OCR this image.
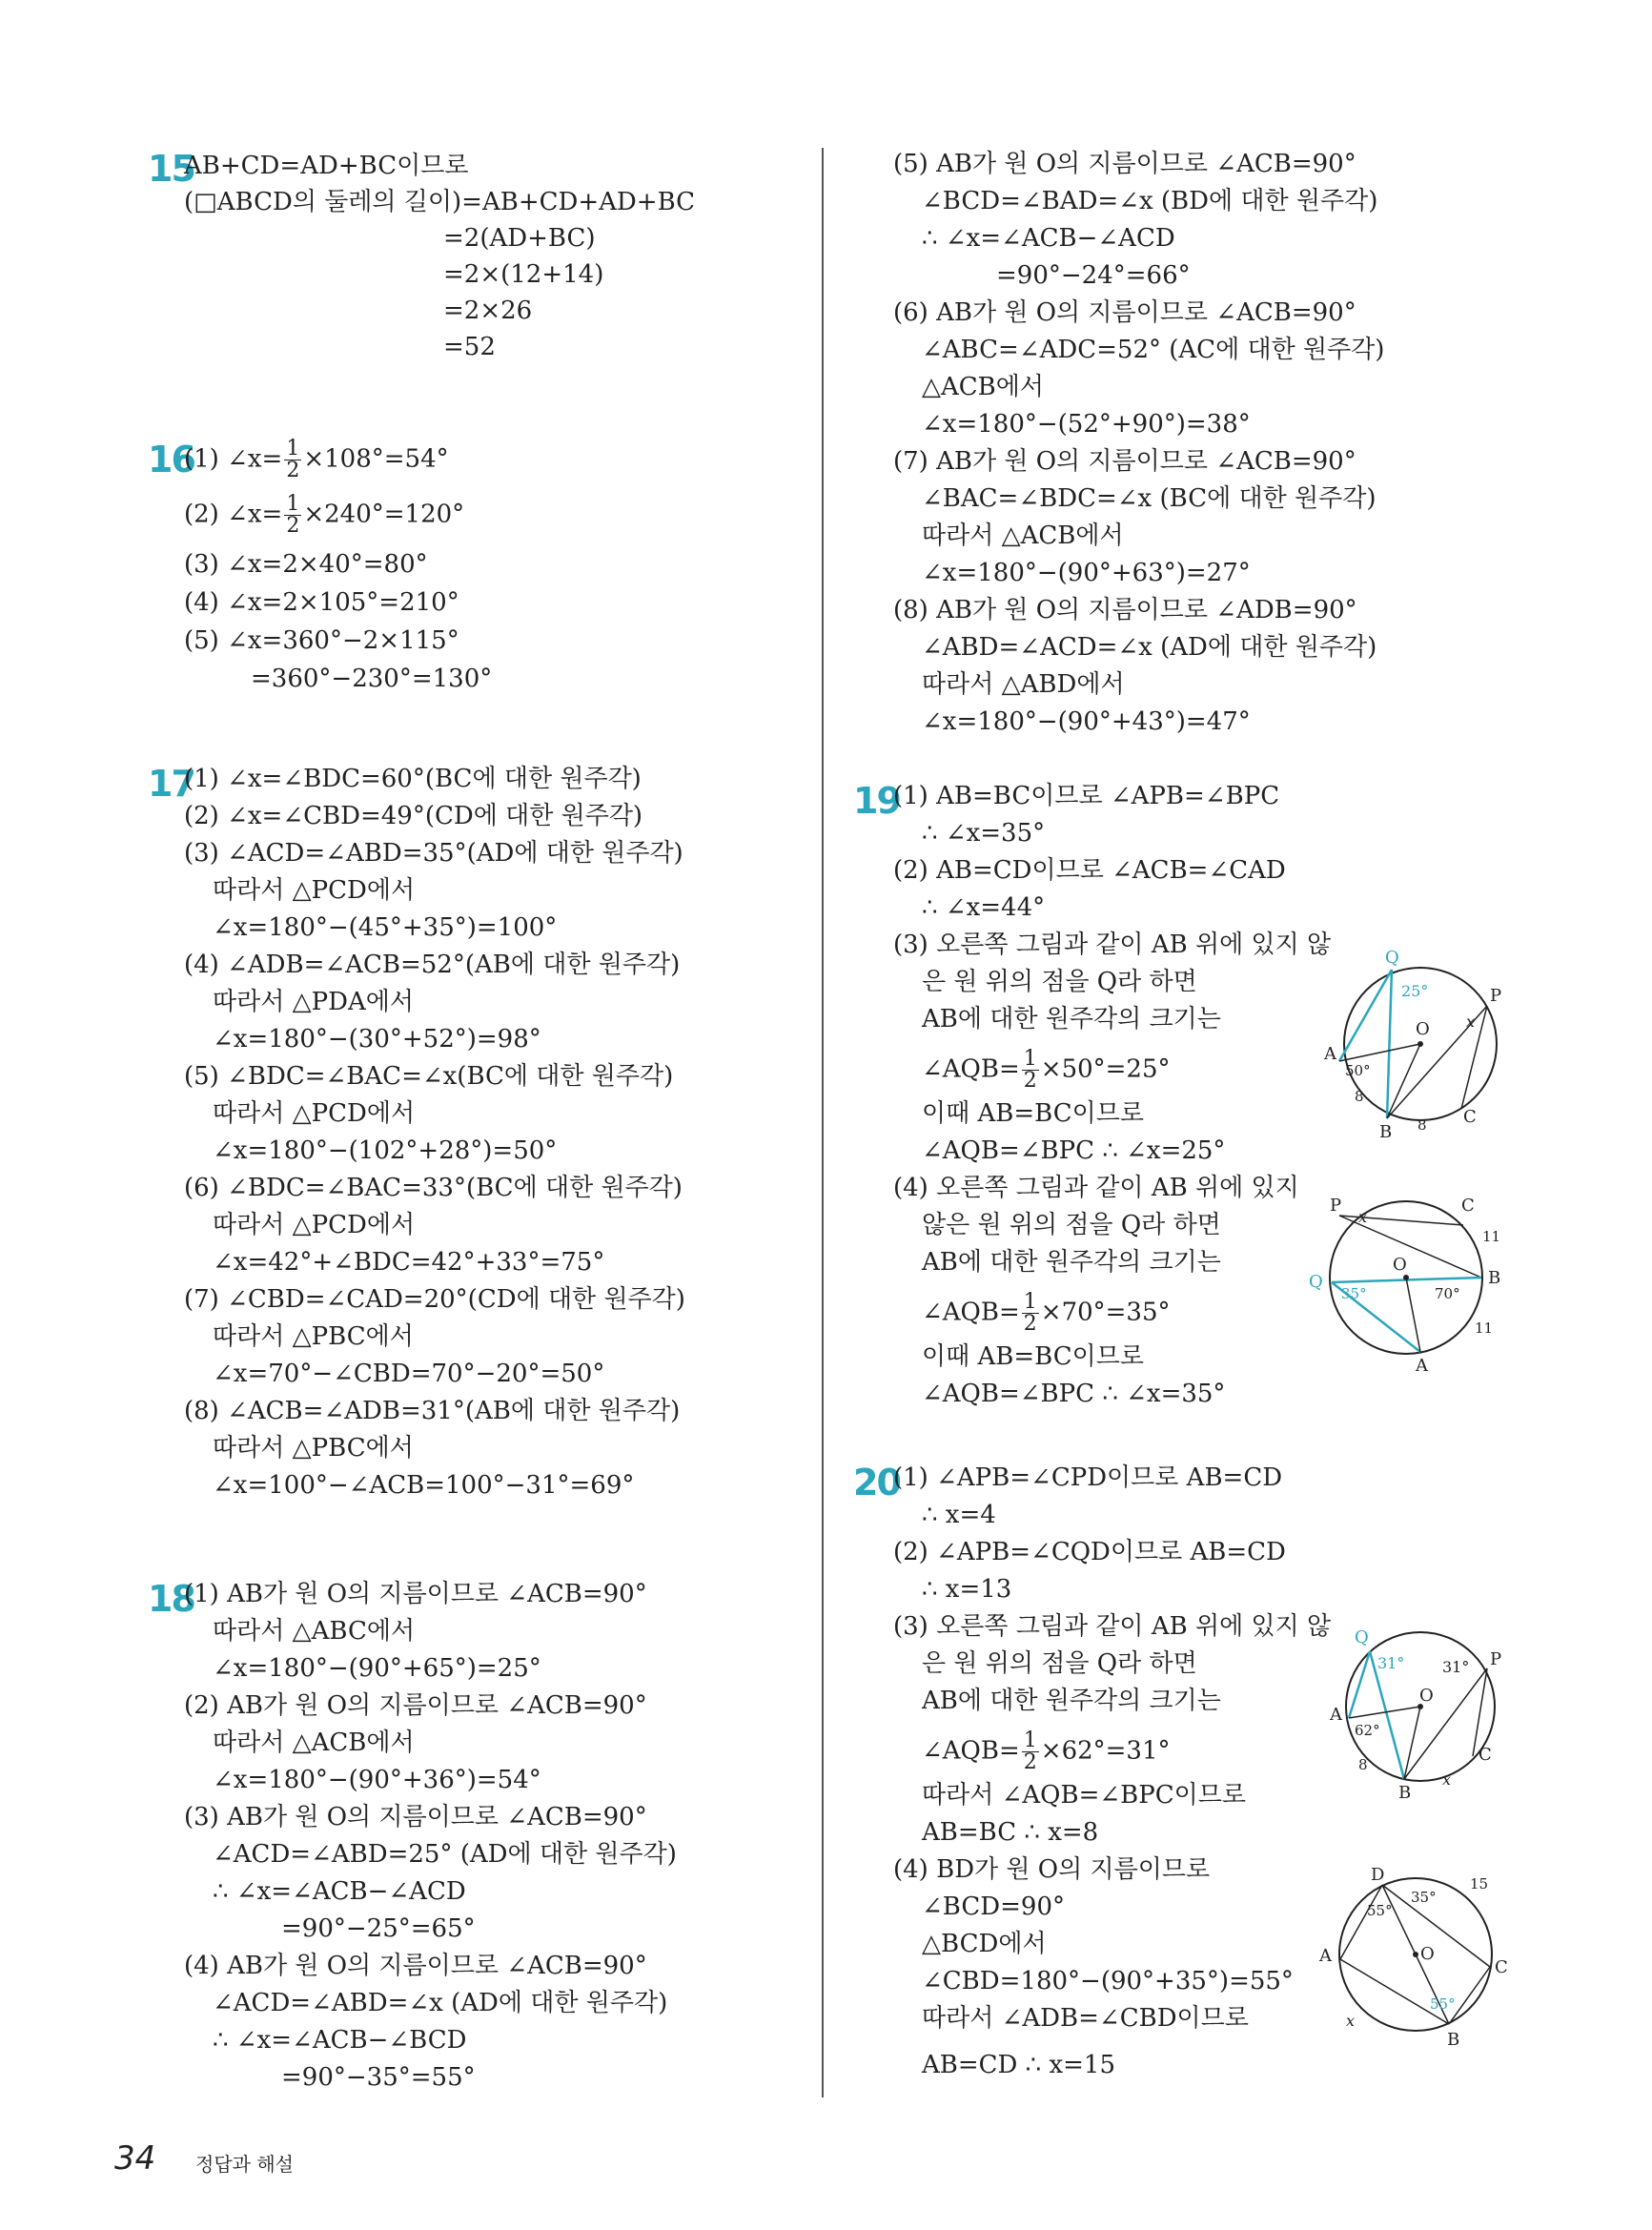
15
AB+CD=AD+BC이므로
(□ABCD의 둘레의 길이)=AB+CD+AD+BC
=2(AD+BC)
=2×(12+14)
=2×26
=52
16
(1) ∠x= $\frac{1}{2} \times 108^\circ=54^\circ$
(2) ∠x= $\frac{1}{2} \times 240^\circ=120^\circ$
(3) ∠x=2×40°=80°
(4) ∠x=2×105°=210°
(5) ∠x=360°−2×115°
=360°−230°=130°
17
(1) ∠x=∠BDC=60°(BC에 대한 원주각)
(2) ∠x=∠CBD=49°(CD에 대한 원주각)
(3) ∠ACD=∠ABD=35°(AD에 대한 원주각)
따라서 △PCD에서
∠x=180°−(45°+35°)=100°
(4) ∠ADB=∠ACB=52°(AB에 대한 원주각)
따라서 △PDA에서
∠x=180°−(30°+52°)=98°
(5) ∠BDC=∠BAC=∠x(BC에 대한 원주각)
따라서 △PCD에서
∠x=180°−(102°+28°)=50°
(6) ∠BDC=∠BAC=33°(BC에 대한 원주각)
따라서 △PCD에서
∠x=42°+∠BDC=42°+33°=75°
(7) ∠CBD=∠CAD=20°(CD에 대한 원주각)
따라서 △PBC에서
∠x=70°−∠CBD=70°−20°=50°
(8) ∠ACB=∠ADB=31°(AB에 대한 원주각)
따라서 △PBC에서
∠x=100°−∠ACB=100°−31°=69°
18
(1) AB가 원 O의 지름이므로 ∠ACB=90°
따라서 △ABC에서
∠x=180°−(90°+65°)=25°
(2) AB가 원 O의 지름이므로 ∠ACB=90°
따라서 △ACB에서
∠x=180°−(90°+36°)=54°
(3) AB가 원 O의 지름이므로 ∠ACB=90°
∠ACD=∠ABD=25° (AD에 대한 원주각)
∴ ∠x=∠ACB−∠ACD
=90°−25°=65°
(4) AB가 원 O의 지름이므로 ∠ACB=90°
∠ACD=∠ABD=∠x (AD에 대한 원주각)
∴ ∠x=∠ACB−∠BCD
=90°−35°=55°
(5) AB가 원 O의 지름이므로 ∠ACB=90°
∠BCD=∠BAD=∠x (BD에 대한 원주각)
∴ ∠x=∠ACB−∠ACD
=90°−24°=66°
(6) AB가 원 O의 지름이므로 ∠ACB=90°
∠ABC=∠ADC=52° (AC에 대한 원주각)
△ACB에서
∠x=180°−(52°+90°)=38°
(7) AB가 원 O의 지름이므로 ∠ACB=90°
∠BAC=∠BDC=∠x (BC에 대한 원주각)
따라서 △ACB에서
∠x=180°−(90°+63°)=27°
(8) AB가 원 O의 지름이므로 ∠ADB=90°
∠ABD=∠ACD=∠x (AD에 대한 원주각)
따라서 △ABD에서
∠x=180°−(90°+43°)=47°
19
(1) AB=BC이므로 ∠APB=∠BPC
∴ ∠x=35°
(2) AB=CD이므로 ∠ACB=∠CAD
∴ ∠x=44°
(3) 오른쪽 그림과 같이 AB 위에 있지 않
은 원 위의 점을 Q라 하면
AB에 대한 원주각의 크기는
∠AQB= $\frac{1}{2} \times 50^\circ=25^\circ$
이때 AB=BC이므로
∠AQB=∠BPC ∴ ∠x=25°
(4) 오른쪽 그림과 같이 AB 위에 있지
않은 원 위의 점을 Q라 하면
AB에 대한 원주각의 크기는
∠AQB= $\frac{1}{2} \times 70^\circ=35^\circ$
이때 AB=BC이므로
∠AQB=∠BPC ∴ ∠x=35°
20
(1) ∠APB=∠CPD이므로 AB=CD
∴ x=4
(2) ∠APB=∠CQD이므로 AB=CD
∴ x=13
(3) 오른쪽 그림과 같이 AB 위에 있지 않
은 원 위의 점을 Q라 하면
AB에 대한 원주각의 크기는
∠AQB= $\frac{1}{2} \times 62^\circ=31^\circ$
따라서 ∠AQB=∠BPC이므로
AB=BC ∴ x=8
(4) BD가 원 O의 지름이므로
∠BCD=90°
△BCD에서
∠CBD=180°−(90°+35°)=55°
따라서 ∠ADB=∠CBD이므로
AB=CD ∴ x=15
Q
P
O
A
B
C
25°
50°
x
8
8
P	C
O
B
Q
A
x
35°	70°
11
11
Q
P
O
A
B
C
31° 31°
62°
8
x
D
A	O
C
B
35°
55°
55°
15
x
34 정답과 해설
